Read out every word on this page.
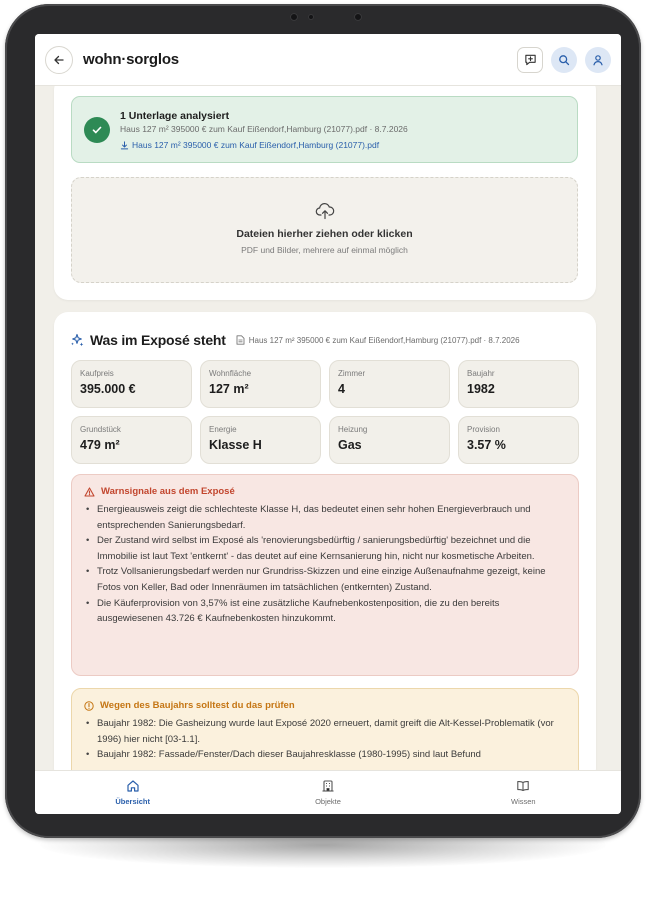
wohn·sorglos
1 Unterlage analysiert
Haus 127 m² 395000 € zum Kauf Eißendorf,Hamburg (21077).pdf · 8.7.2026
Haus 127 m² 395000 € zum Kauf Eißendorf,Hamburg (21077).pdf
Dateien hierher ziehen oder klicken
PDF und Bilder, mehrere auf einmal möglich
Was im Exposé steht	Haus 127 m² 395000 € zum Kauf Eißendorf,Hamburg (21077).pdf · 8.7.2026
Kaufpreis
395.000 €
Wohnfläche
127 m²
Zimmer
4
Baujahr
1982
Grundstück
479 m²
Energie
Klasse H
Heizung
Gas
Provision
3.57 %
Warnsignale aus dem Exposé
• Energieausweis zeigt die schlechteste Klasse H, das bedeutet einen sehr hohen Energieverbrauch und entsprechenden Sanierungsbedarf.
• Der Zustand wird selbst im Exposé als 'renovierungsbedürftig / sanierungsbedürftig' bezeichnet und die Immobilie ist laut Text 'entkernt' - das deutet auf eine Kernsanierung hin, nicht nur kosmetische Arbeiten.
• Trotz Vollsanierungsbedarf werden nur Grundriss-Skizzen und eine einzige Außenaufnahme gezeigt, keine Fotos von Keller, Bad oder Innenräumen im tatsächlichen (entkernten) Zustand.
• Die Käuferprovision von 3,57% ist eine zusätzliche Kaufnebenkostenposition, die zu den bereits ausgewiesenen 43.726 € Kaufnebenkosten hinzukommt.
Wegen des Baujahrs solltest du das prüfen
• Baujahr 1982: Die Gasheizung wurde laut Exposé 2020 erneuert, damit greift die Alt-Kessel-Problematik (vor 1996) hier nicht [03-1.1].
• Baujahr 1982: Fassade/Fenster/Dach dieser Baujahresklasse (1980-1995) sind laut Befund
Übersicht	Objekte	Wissen
